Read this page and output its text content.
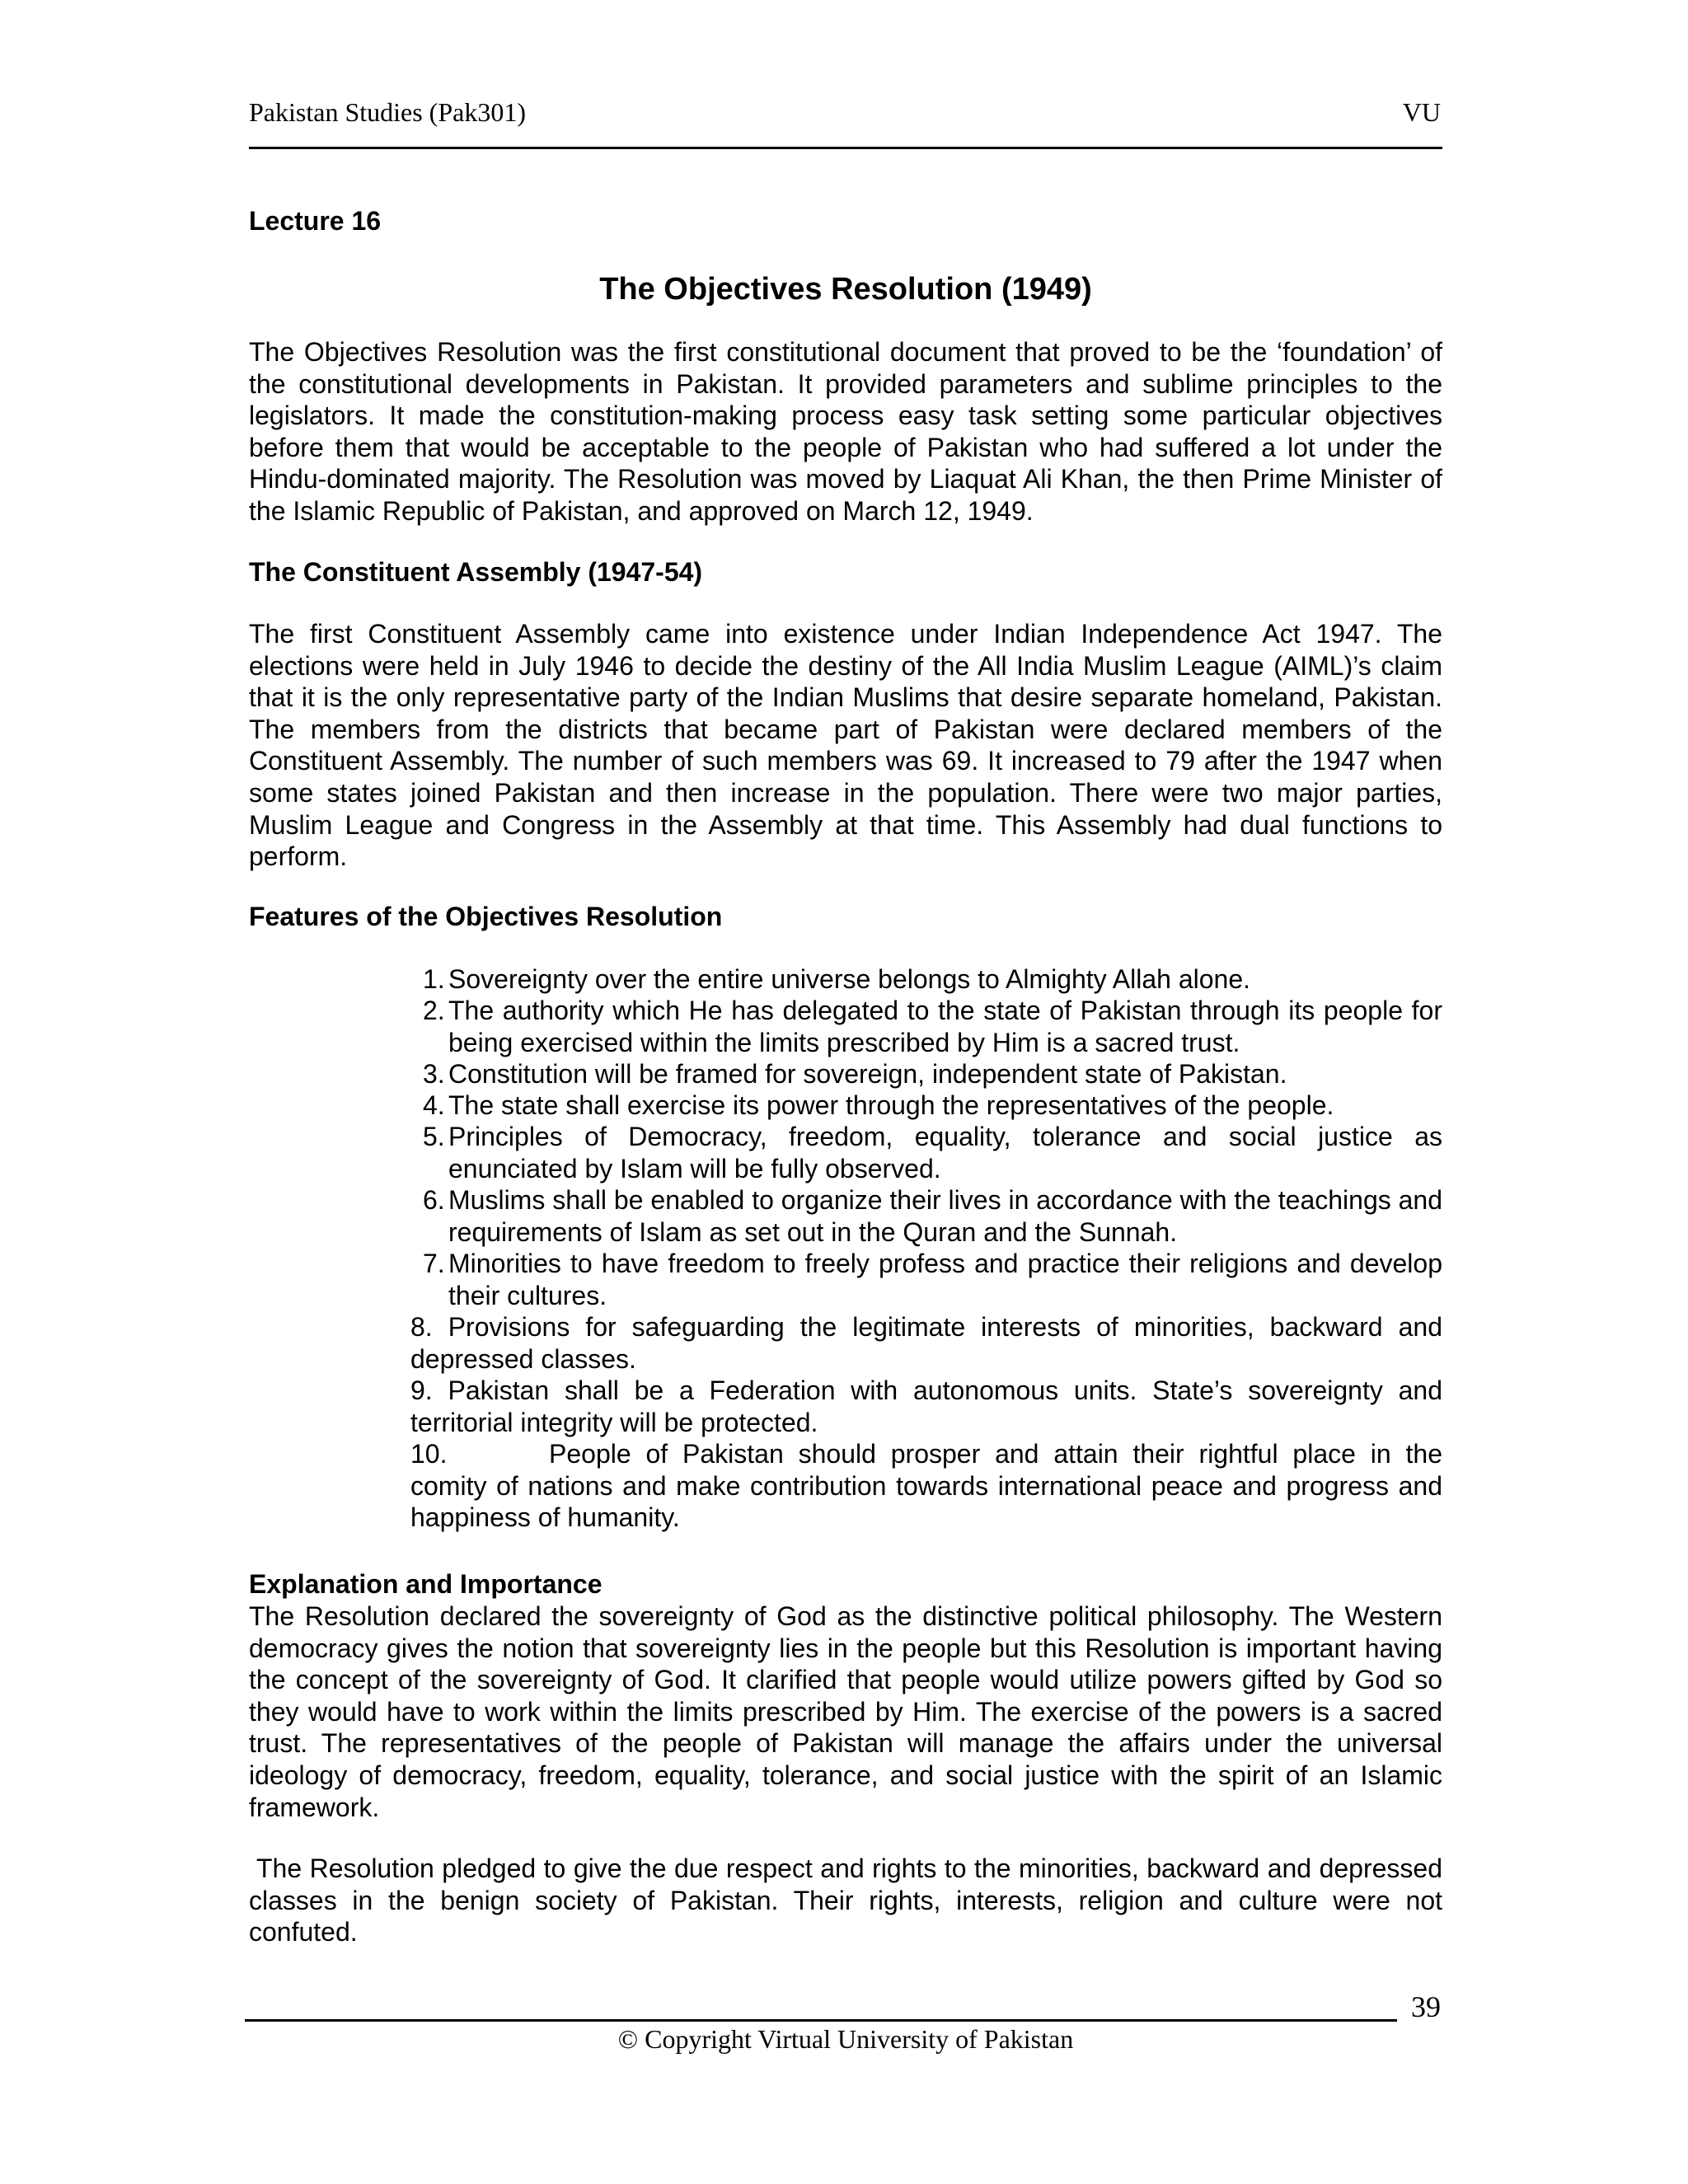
Pakistan Studies (Pak301)	VU
Lecture 16
The Objectives Resolution (1949)

The Objectives Resolution was the first constitutional document that proved to be the ‘foundation’ of the constitutional developments in Pakistan. It provided parameters and sublime principles to the legislators. It made the constitution-making process easy task setting some particular objectives before them that would be acceptable to the people of Pakistan who had suffered a lot under the Hindu-dominated majority. The Resolution was moved by Liaquat Ali Khan, the then Prime Minister of the Islamic Republic of Pakistan, and approved on March 12, 1949.

The Constituent Assembly (1947-54)

The first Constituent Assembly came into existence under Indian Independence Act 1947. The elections were held in July 1946 to decide the destiny of the All India Muslim League (AIML)’s claim that it is the only representative party of the Indian Muslims that desire separate homeland, Pakistan. The members from the districts that became part of Pakistan were declared members of the Constituent Assembly. The number of such members was 69. It increased to 79 after the 1947 when some states joined Pakistan and then increase in the population. There were two major parties, Muslim League and Congress in the Assembly at that time. This Assembly had dual functions to perform.

Features of the Objectives Resolution
1. Sovereignty over the entire universe belongs to Almighty Allah alone.
2. The authority which He has delegated to the state of Pakistan through its people for being exercised within the limits prescribed by Him is a sacred trust.
3. Constitution will be framed for sovereign, independent state of Pakistan.
4. The state shall exercise its power through the representatives of the people.
5. Principles of Democracy, freedom, equality, tolerance and social justice as enunciated by Islam will be fully observed.
6. Muslims shall be enabled to organize their lives in accordance with the teachings and requirements of Islam as set out in the Quran and the Sunnah.
7. Minorities to have freedom to freely profess and practice their religions and develop their cultures.
8. Provisions for safeguarding the legitimate interests of minorities, backward and depressed classes.
9. Pakistan shall be a Federation with autonomous units. State’s sovereignty and territorial integrity will be protected.
10.	People of Pakistan should prosper and attain their rightful place in the comity of nations and make contribution towards international peace and progress and happiness of humanity.
Explanation and Importance

The Resolution declared the sovereignty of God as the distinctive political philosophy. The Western democracy gives the notion that sovereignty lies in the people but this Resolution is important having the concept of the sovereignty of God. It clarified that people would utilize powers gifted by God so they would have to work within the limits prescribed by Him. The exercise of the powers is a sacred trust. The representatives of the people of Pakistan will manage the affairs under the universal ideology of democracy, freedom, equality, tolerance, and social justice with the spirit of an Islamic framework.

The Resolution pledged to give the due respect and rights to the minorities, backward and depressed classes in the benign society of Pakistan. Their rights, interests, religion and culture were not confuted.

39
© Copyright Virtual University of Pakistan
